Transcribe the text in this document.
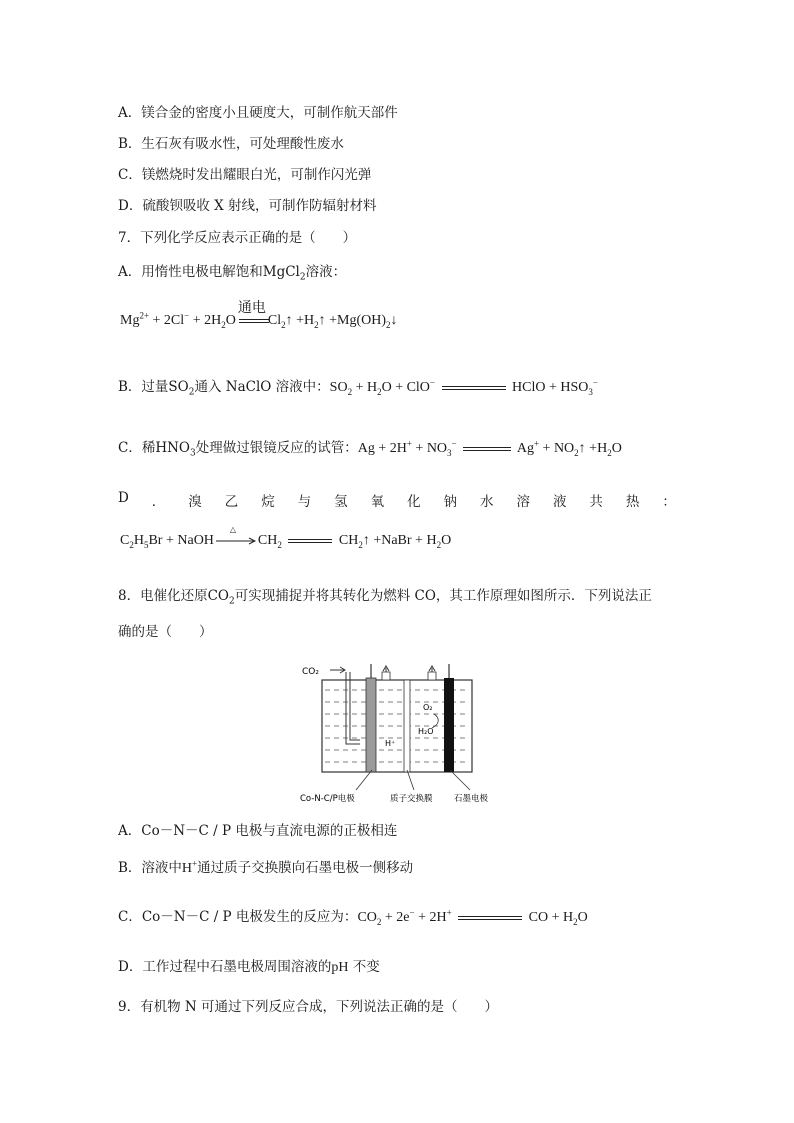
A．镁合金的密度小且硬度大，可制作航天部件
B．生石灰有吸水性，可处理酸性废水
C．镁燃烧时发出耀眼白光，可制作闪光弹
D．硫酸钡吸收 X 射线，可制作防辐射材料
7．下列化学反应表示正确的是（　　）
A．用惰性电极电解饱和MgCl$_2$溶液：
$Mg^{2+} + 2Cl^- + 2H_2O$
通电
$Cl_2↑$ $+H_2↑$ $+Mg(OH)_2↓$
B．过量$SO_2$通入 NaClO 溶液中：$SO_2 + H_2O + ClO^-$	HClO + $HSO_3^-$
C．稀$HNO_3$处理做过银镜反应的试管：$Ag + 2H^+ + NO_3^-$	$Ag^+ + NO_2↑ +H_2O$
D ． 溴 乙 烷 与 氢 氧 化 钠 水 溶 液 共 热 ：
$C_2H_5Br$ + NaOH
△
$CH_2$	$CH_2↑$ +NaBr + $H_2O$
8．电催化还原$CO_2$可实现捕捉并将其转化为燃料 CO，其工作原理如图所示．下列说法正
确的是（　　）
CO₂
O₂
H₂O
H⁺
Co-N-C/P电极	质子交换膜	石墨电极
A．Co－N－C / P 电极与直流电源的正极相连
B．溶液中H+通过质子交换膜向石墨电极一侧移动
C．Co－N－C / P 电极发生的反应为：$CO_2 + 2e^- + 2H^+$	CO + $H_2O$
D．工作过程中石墨电极周围溶液的pH 不变
9．有机物 N 可通过下列反应合成，下列说法正确的是（　　）
